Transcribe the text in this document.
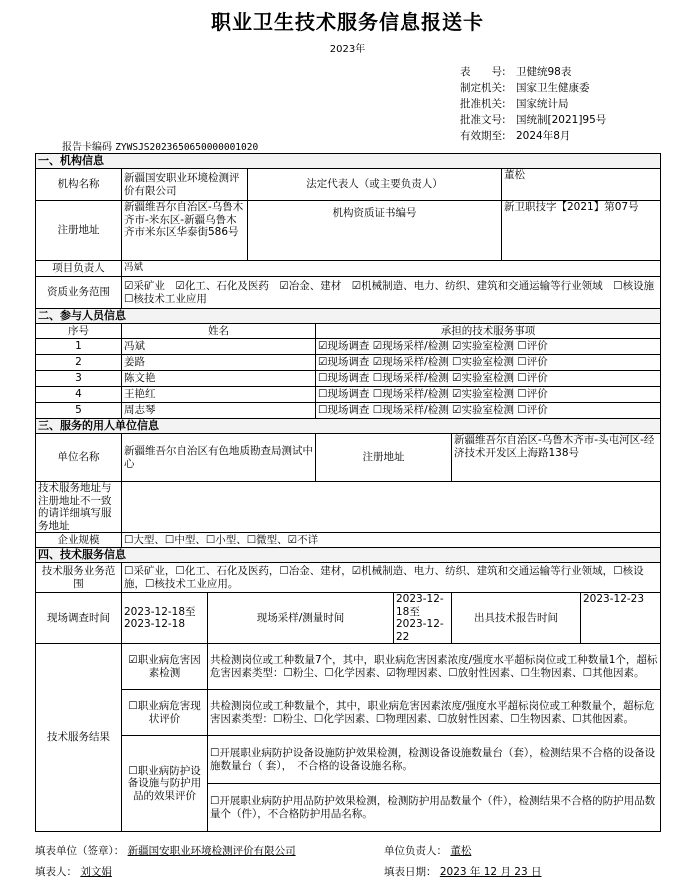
职业卫生技术服务信息报送卡
2023年
表　　号: 卫健统98表
制定机关: 国家卫生健康委
批准机关: 国家统计局
批准文号: 国统制[2021]95号
有效期至: 2024年8月
报告卡编码 ZYWSJS2023650650000001020
一、机构信息								
机构名称	新疆国安职业环境检测评价有限公司		法定代表人（或主要负责人）				董松	
注册地址	新疆维吾尔自治区-乌鲁木齐市-米东区-新疆乌鲁木齐市米东区华泰街586号		机构资质证书编号				新卫职技字【2021】第07号	
项目负责人	冯斌							
资质业务范围	☑采矿业　☑化工、石化及医药　☑冶金、建材　☑机械制造、电力、纺织、建筑和交通运输等行业领域　☐核设施　☐核技术工业应用							
二、参与人员信息								
序号	姓名			承担的技术服务事项				
1	冯斌			☑现场调查 ☑现场采样/检测 ☑实验室检测 ☐评价				
2	姜路			☑现场调查 ☑现场采样/检测 ☐实验室检测 ☐评价				
3	陈文艳			☐现场调查 ☐现场采样/检测 ☑实验室检测 ☐评价				
4	王艳红			☐现场调查 ☐现场采样/检测 ☑实验室检测 ☐评价				
5	周志琴			☐现场调查 ☐现场采样/检测 ☑实验室检测 ☐评价				
三、服务的用人单位信息								
单位名称	新疆维吾尔自治区有色地质勘查局测试中心			注册地址		新疆维吾尔自治区-乌鲁木齐市-头屯河区-经济技术开发区上海路138号		
技术服务地址与注册地址不一致的请详细填写服务地址								
企业规模	☐大型、☐中型、☐小型、☐微型、☑不详							
四、技术服务信息								
技术服务业务范围	☐采矿业，☐化工、石化及医药，☐冶金、建材，☑机械制造、电力、纺织、建筑和交通运输等行业领域，☐核设施，☐核技术工业应用。							
现场调查时间	2023-12-18至2023-12-18	现场采样/测量时间			2023-12-18至2023-12-22	出具技术报告时间		2023-12-23
技术服务结果	☑职业病危害因素检测	共检测岗位或工种数量7个，其中，职业病危害因素浓度/强度水平超标岗位或工种数量1个，超标危害因素类型：☐粉尘、☐化学因素、☑物理因素、☐放射性因素、☐生物因素、☐其他因素。						
	☐职业病危害现状评价	共检测岗位或工种数量个，其中，职业病危害因素浓度/强度水平超标岗位或工种数量个，超标危害因素类型：☐粉尘、☐化学因素、☐物理因素、☐放射性因素、☐生物因素、☐其他因素。						
	☐职业病防护设备设施与防护用品的效果评价	☐开展职业病防护设备设施防护效果检测，检测设备设施数量台（套），检测结果不合格的设备设施数量台（ 套），　不合格的设备设施名称。						
		☐开展职业病防护用品防护效果检测，检测防护用品数量个（件），检测结果不合格的防护用品数量个（件），不合格防护用品名称。						
填表单位（签章）： 新疆国安职业环境检测评价有限公司	单位负责人： 董松
填表人： 刘文娟	填表日期： 2023 年 12 月 23 日
